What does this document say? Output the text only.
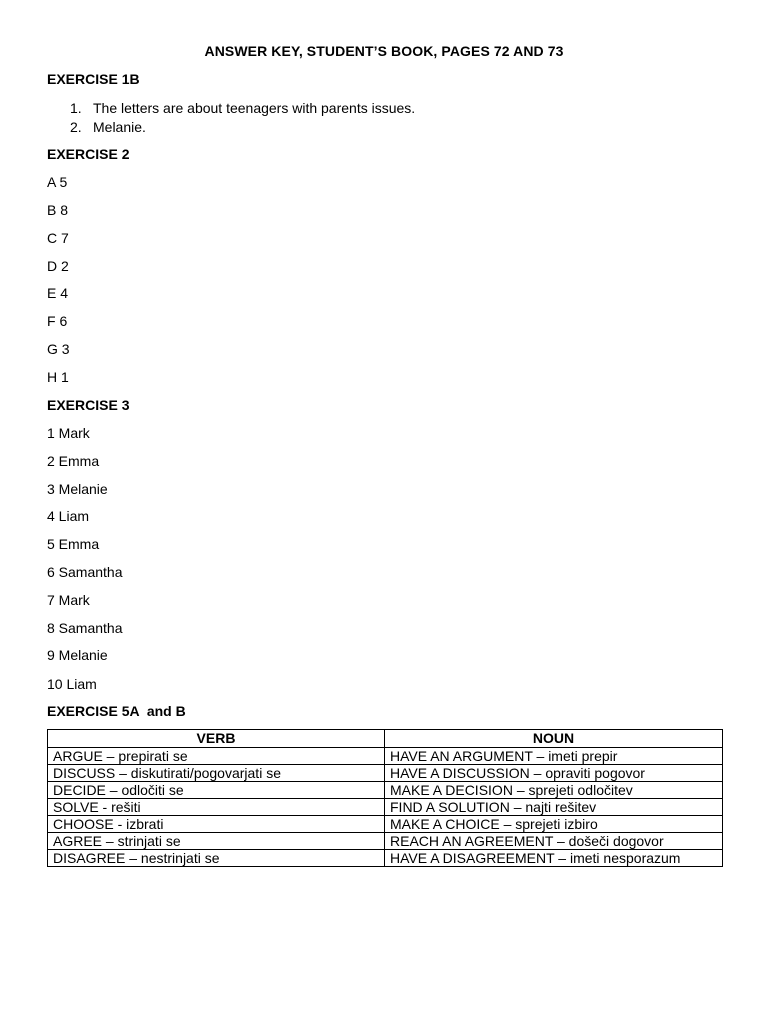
ANSWER KEY, STUDENT’S BOOK, PAGES 72 AND 73
EXERCISE 1B
1. The letters are about teenagers with parents issues.
2. Melanie.
EXERCISE 2
A 5
B 8
C 7
D 2
E 4
F 6
G 3
H 1
EXERCISE 3
1 Mark
2 Emma
3 Melanie
4 Liam
5 Emma
6 Samantha
7 Mark
8 Samantha
9 Melanie
10 Liam
EXERCISE 5A  and B
VERB	NOUN
ARGUE – prepirati se	HAVE AN ARGUMENT – imeti prepir
DISCUSS – diskutirati/pogovarjati se	HAVE A DISCUSSION – opraviti pogovor
DECIDE – odločiti se	MAKE A DECISION – sprejeti odločitev
SOLVE - rešiti	FIND A SOLUTION – najti rešitev
CHOOSE - izbrati	MAKE A CHOICE – sprejeti izbiro
AGREE – strinjati se	REACH AN AGREEMENT – došeči dogovor
DISAGREE – nestrinjati se	HAVE A DISAGREEMENT – imeti nesporazum
